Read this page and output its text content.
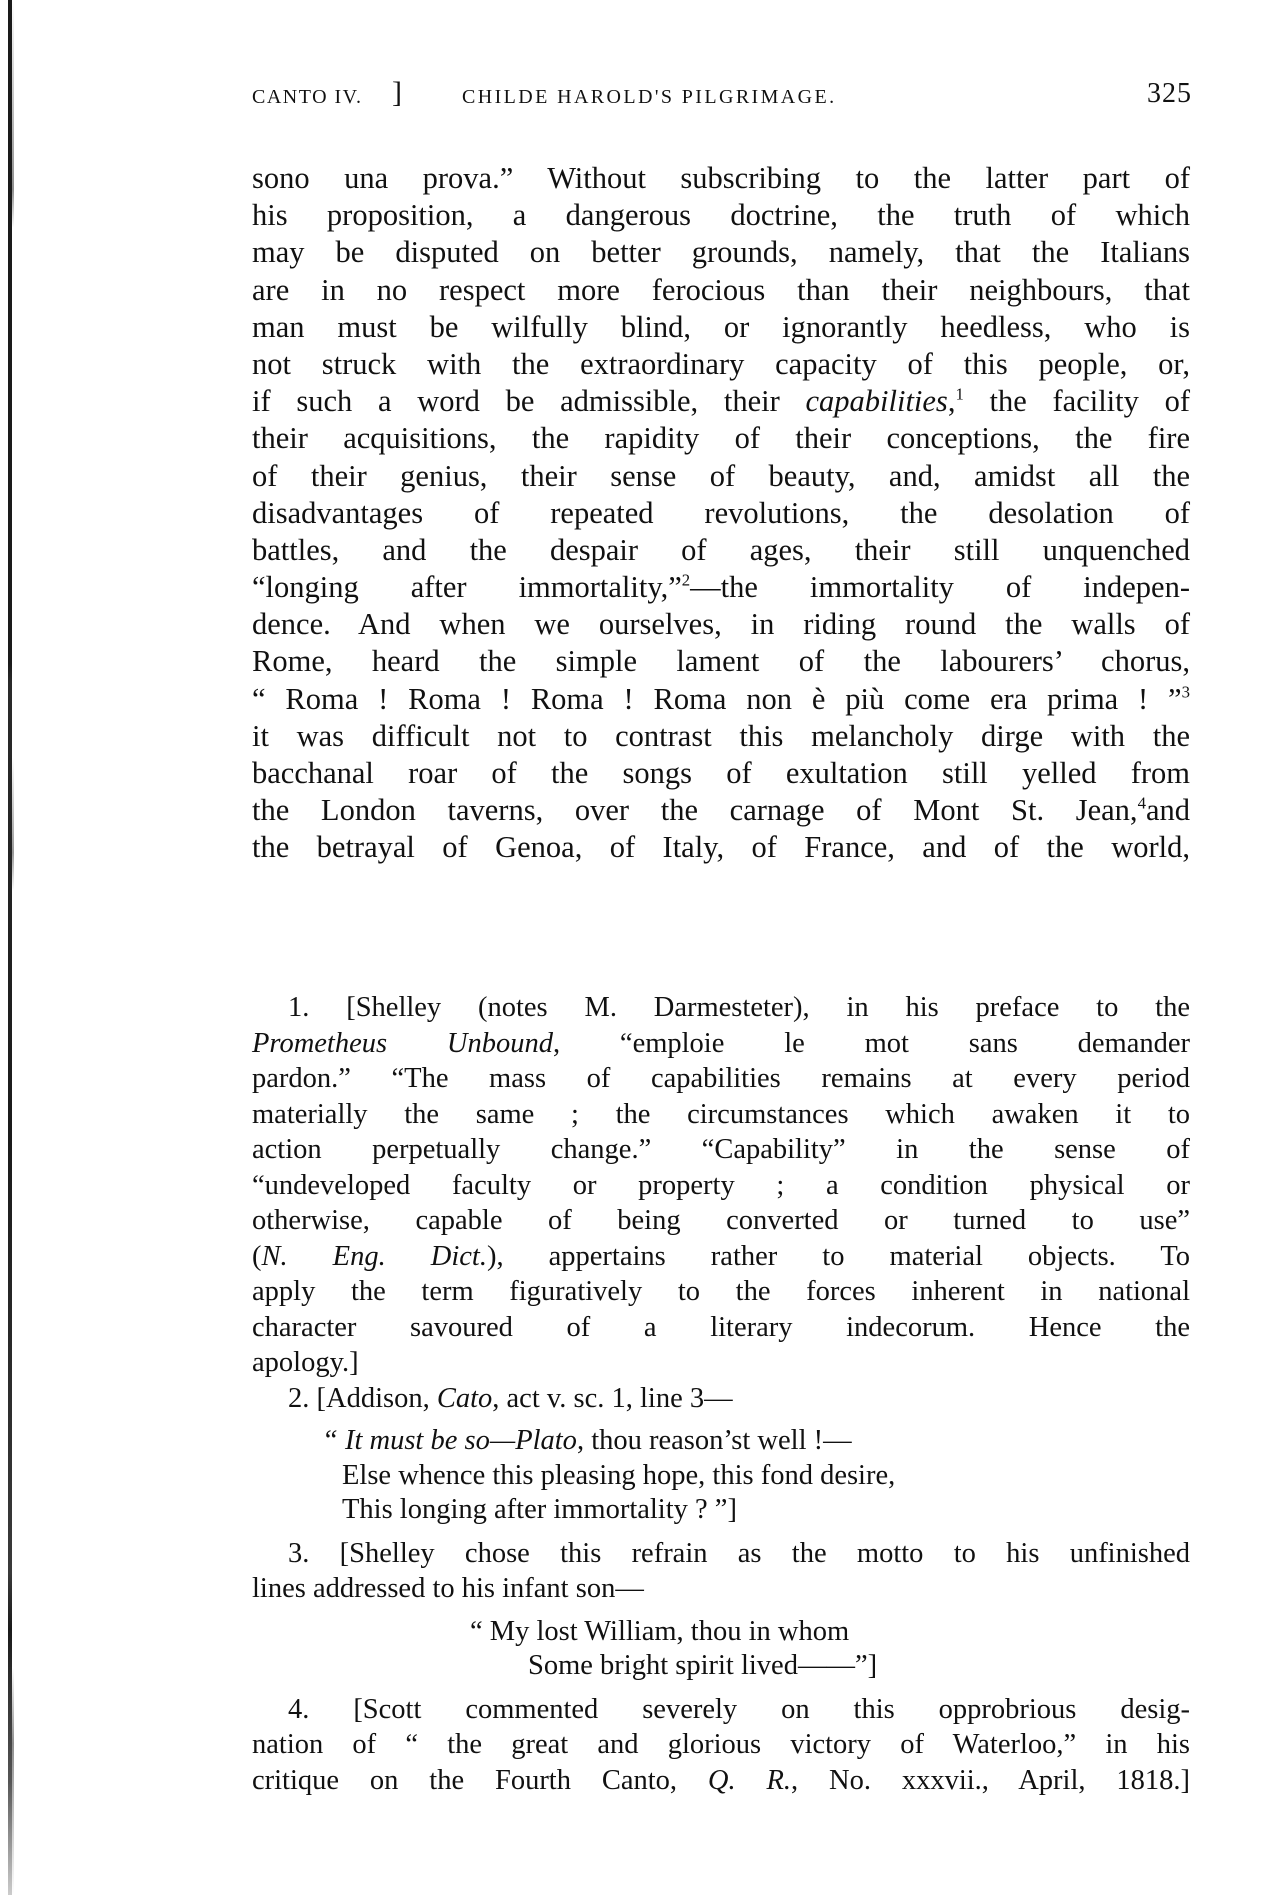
CANTO IV. ]	CHILDE HAROLD'S PILGRIMAGE.	325
sono una prova.” Without subscribing to the latter part of
his proposition, a dangerous doctrine, the truth of which
may be disputed on better grounds, namely, that the Italians
are in no respect more ferocious than their neighbours, that
man must be wilfully blind, or ignorantly heedless, who is
not struck with the extraordinary capacity of this people, or,
if such a word be admissible, their capabilities,$^1$ the facility of
their acquisitions, the rapidity of their conceptions, the fire
of their genius, their sense of beauty, and, amidst all the
disadvantages of repeated revolutions, the desolation of
battles, and the despair of ages, their still unquenched
“longing after immortality,”$^2$—the immortality of indepen-
dence. And when we ourselves, in riding round the walls of
Rome, heard the simple lament of the labourers’ chorus,
“ Roma ! Roma ! Roma ! Roma non è più come era prima ! ”$^3$
it was difficult not to contrast this melancholy dirge with the
bacchanal roar of the songs of exultation still yelled from
the London taverns, over the carnage of Mont St. Jean,$^4$and
the betrayal of Genoa, of Italy, of France, and of the world,
1. [Shelley (notes M. Darmesteter), in his preface to the
Prometheus Unbound, “emploie le mot sans demander
pardon.” “The mass of capabilities remains at every period
materially the same ; the circumstances which awaken it to
action perpetually change.” “Capability” in the sense of
“undeveloped faculty or property ; a condition physical or
otherwise, capable of being converted or turned to use”
(N. Eng. Dict.), appertains rather to material objects. To
apply the term figuratively to the forces inherent in national
character savoured of a literary indecorum. Hence the
apology.]
2. [Addison, Cato, act v. sc. 1, line 3—
“ It must be so—Plato, thou reason’st well !—
Else whence this pleasing hope, this fond desire,
This longing after immortality ? ”]
3. [Shelley chose this refrain as the motto to his unfinished
lines addressed to his infant son—
“ My lost William, thou in whom
Some bright spirit lived——”]
4. [Scott commented severely on this opprobrious desig-
nation of “ the great and glorious victory of Waterloo,” in his
critique on the Fourth Canto, Q. R., No. xxxvii., April, 1818.]
